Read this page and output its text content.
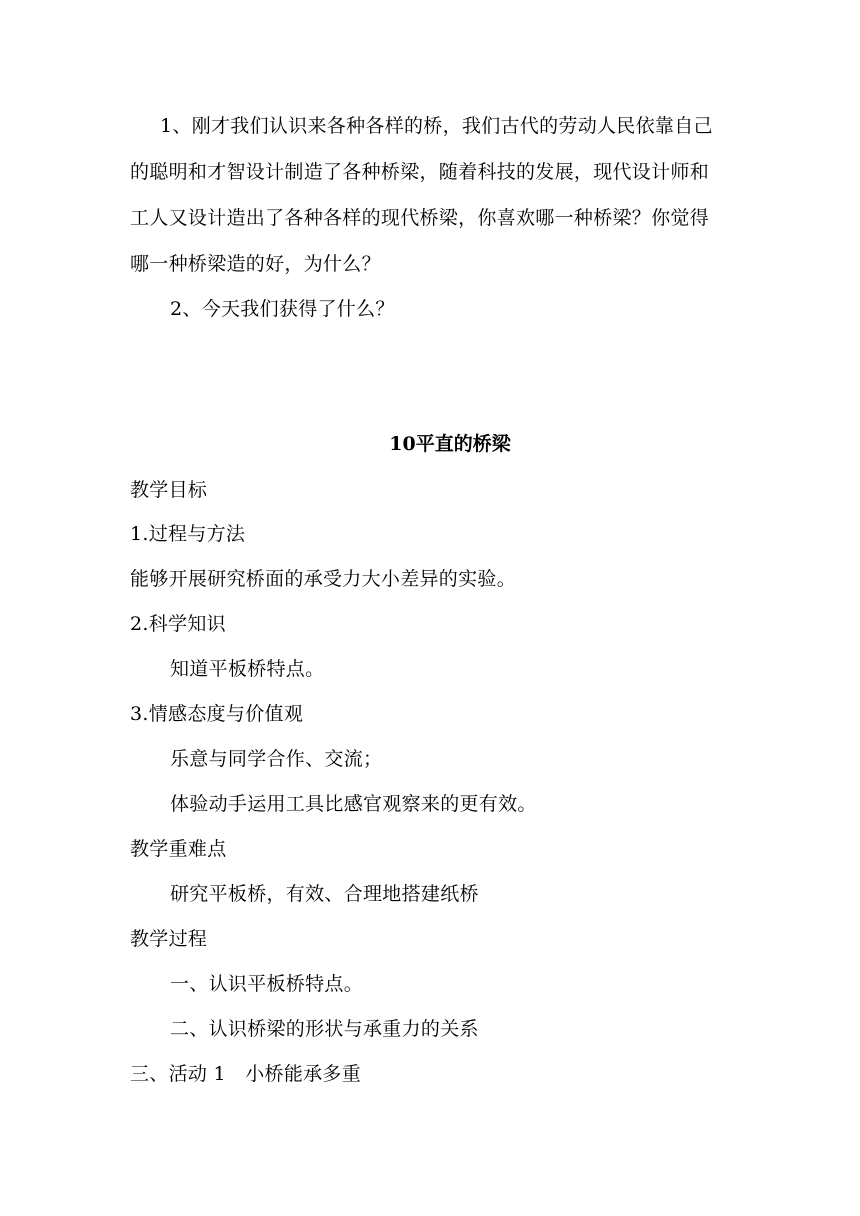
1、刚才我们认识来各种各样的桥，我们古代的劳动人民依靠自己
的聪明和才智设计制造了各种桥梁，随着科技的发展，现代设计师和
工人又设计造出了各种各样的现代桥梁，你喜欢哪一种桥梁？你觉得
哪一种桥梁造的好，为什么？
2、今天我们获得了什么？
10平直的桥梁
教学目标
1.过程与方法
能够开展研究桥面的承受力大小差异的实验。
2.科学知识
知道平板桥特点。
3.情感态度与价值观
乐意与同学合作、交流；
体验动手运用工具比感官观察来的更有效。
教学重难点
研究平板桥，有效、合理地搭建纸桥
教学过程
一、认识平板桥特点。
二、认识桥梁的形状与承重力的关系
三、活动 1　小桥能承多重
